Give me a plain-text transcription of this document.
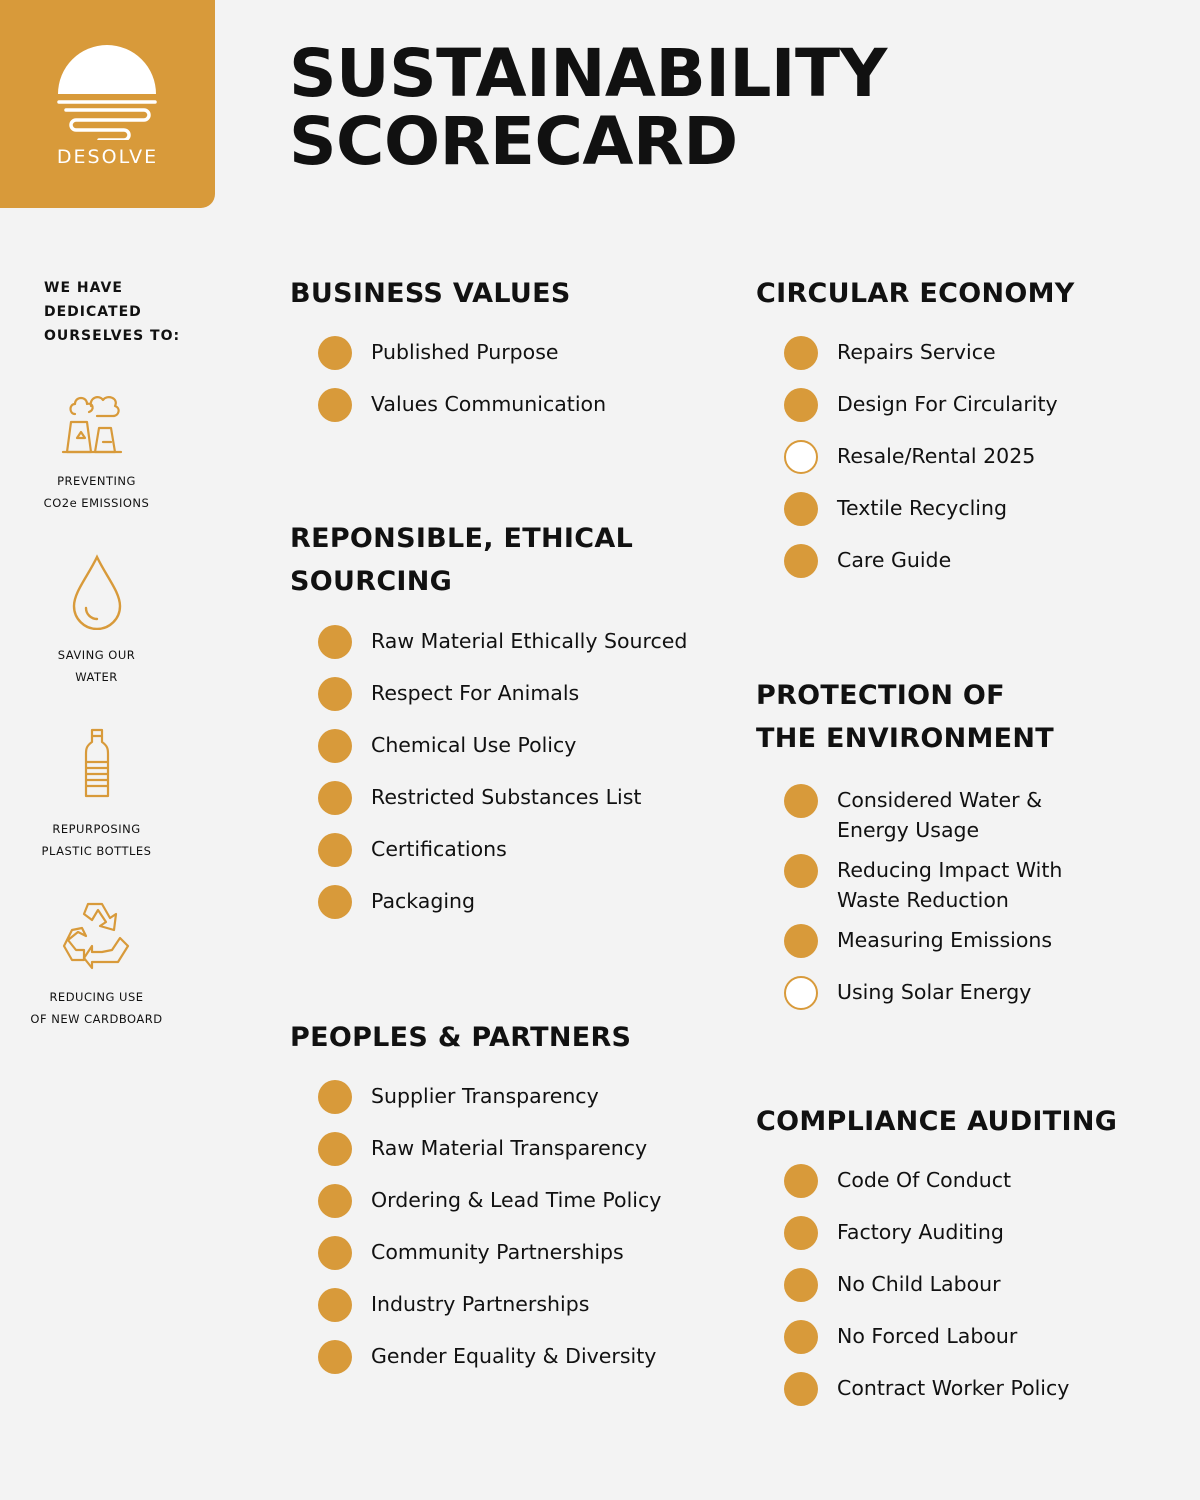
DESOLVE
SUSTAINABILITY
SCORECARD
WE HAVE
DEDICATED
OURSELVES TO:
PREVENTING
CO2e EMISSIONS
SAVING OUR
WATER
REPURPOSING
PLASTIC BOTTLES
REDUCING USE
OF NEW CARDBOARD
BUSINESS VALUES
Published Purpose
Values Communication
REPONSIBLE, ETHICAL
SOURCING
Raw Material Ethically Sourced
Respect For Animals
Chemical Use Policy
Restricted Substances List
Certifications
Packaging
PEOPLES & PARTNERS
Supplier Transparency
Raw Material Transparency
Ordering & Lead Time Policy
Community Partnerships
Industry Partnerships
Gender Equality & Diversity
CIRCULAR ECONOMY
Repairs Service
Design For Circularity
Resale/Rental 2025
Textile Recycling
Care Guide
PROTECTION OF
THE ENVIRONMENT
Considered Water &
Energy Usage
Reducing Impact With
Waste Reduction
Measuring Emissions
Using Solar Energy
COMPLIANCE AUDITING
Code Of Conduct
Factory Auditing
No Child Labour
No Forced Labour
Contract Worker Policy
